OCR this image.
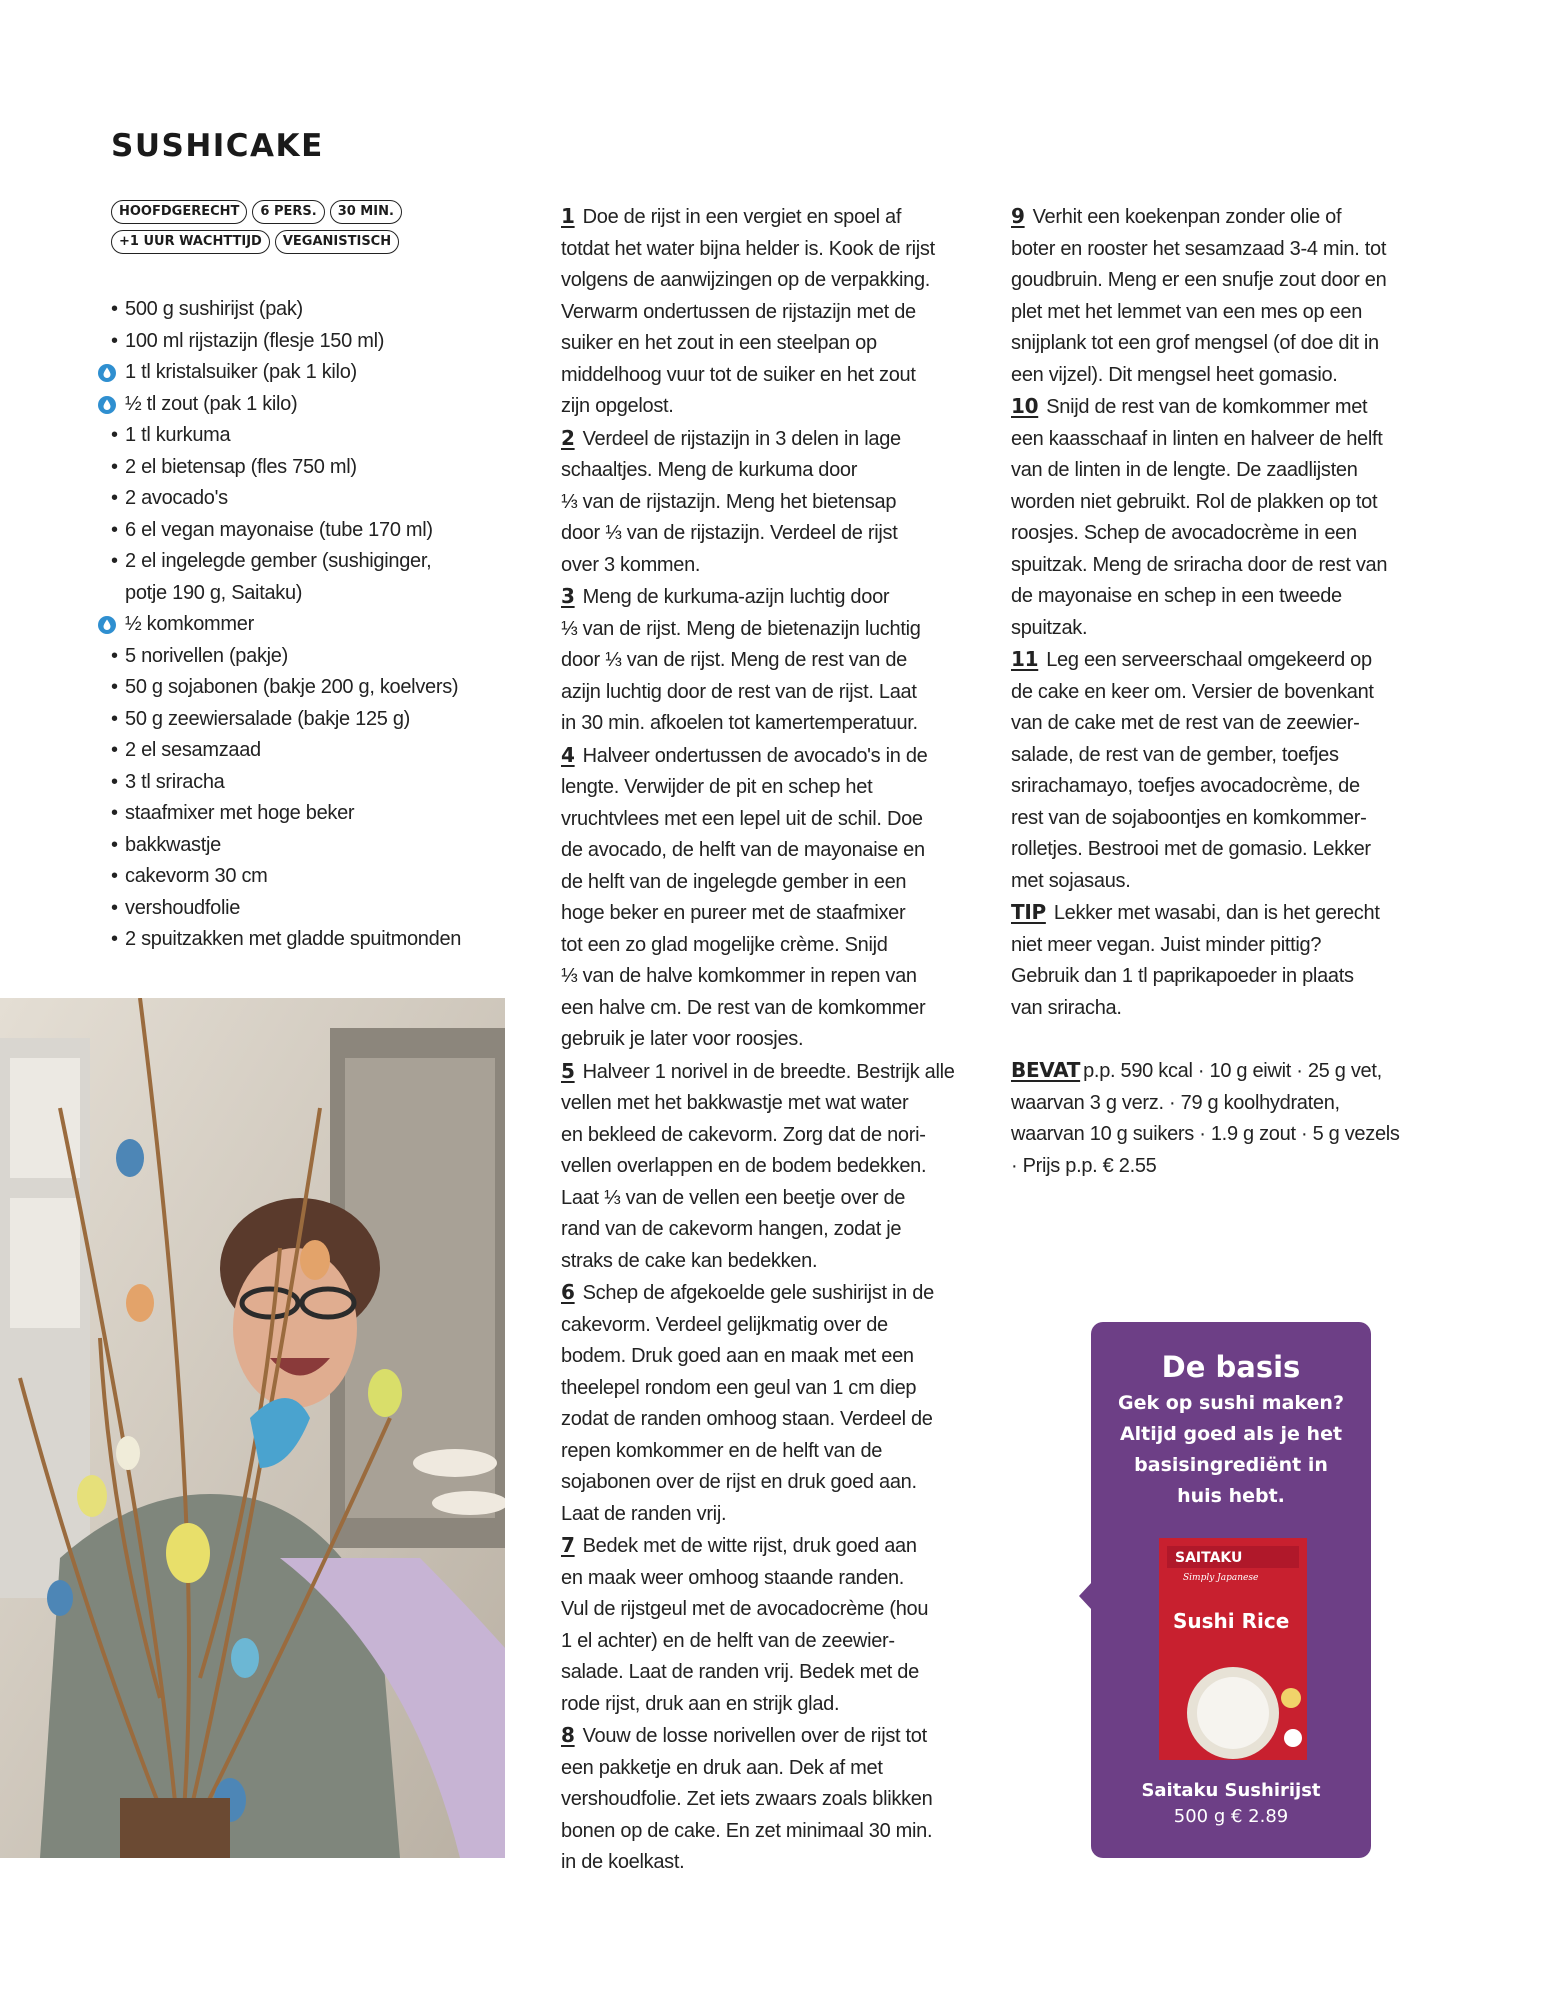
SUSHICAKE
HOOFDGERECHT	6 PERS.	30 MIN.
+1 UUR WACHTTIJD	VEGANISTISCH
• 500 g sushirijst (pak)
• 100 ml rijstazijn (flesje 150 ml)
1 tl kristalsuiker (pak 1 kilo)
½ tl zout (pak 1 kilo)
• 1 tl kurkuma
• 2 el bietensap (fles 750 ml)
• 2 avocado's
• 6 el vegan mayonaise (tube 170 ml)
• 2 el ingelegde gember (sushiginger,
potje 190 g, Saitaku)
½ komkommer
• 5 norivellen (pakje)
• 50 g sojabonen (bakje 200 g, koelvers)
• 50 g zeewiersalade (bakje 125 g)
• 2 el sesamzaad
• 3 tl sriracha
• staafmixer met hoge beker
• bakkwastje
• cakevorm 30 cm
• vershoudfolie
• 2 spuitzakken met gladde spuitmonden

1 Doe de rijst in een vergiet en spoel af

totdat het water bijna helder is. Kook de rijst

volgens de aanwijzingen op de verpakking.

Verwarm ondertussen de rijstazijn met de

suiker en het zout in een steelpan op

middelhoog vuur tot de suiker en het zout

zijn opgelost.

2 Verdeel de rijstazijn in 3 delen in lage

schaaltjes. Meng de kurkuma door

⅓ van de rijstazijn. Meng het bietensap

door ⅓ van de rijstazijn. Verdeel de rijst

over 3 kommen.

3 Meng de kurkuma-azijn luchtig door

⅓ van de rijst. Meng de bietenazijn luchtig

door ⅓ van de rijst. Meng de rest van de

azijn luchtig door de rest van de rijst. Laat

in 30 min. afkoelen tot kamertemperatuur.

4 Halveer ondertussen de avocado's in de

lengte. Verwijder de pit en schep het

vruchtvlees met een lepel uit de schil. Doe

de avocado, de helft van de mayonaise en

de helft van de ingelegde gember in een

hoge beker en pureer met de staafmixer

tot een zo glad mogelijke crème. Snijd

⅓ van de halve komkommer in repen van

een halve cm. De rest van de komkommer

gebruik je later voor roosjes.

5 Halveer 1 norivel in de breedte. Bestrijk alle

vellen met het bakkwastje met wat water

en bekleed de cakevorm. Zorg dat de nori-

vellen overlappen en de bodem bedekken.

Laat ⅓ van de vellen een beetje over de

rand van de cakevorm hangen, zodat je

straks de cake kan bedekken.

6 Schep de afgekoelde gele sushirijst in de

cakevorm. Verdeel gelijkmatig over de

bodem. Druk goed aan en maak met een

theelepel rondom een geul van 1 cm diep

zodat de randen omhoog staan. Verdeel de

repen komkommer en de helft van de

sojabonen over de rijst en druk goed aan.

Laat de randen vrij.

7 Bedek met de witte rijst, druk goed aan

en maak weer omhoog staande randen.

Vul de rijstgeul met de avocadocrème (hou

1 el achter) en de helft van de zeewier-

salade. Laat de randen vrij. Bedek met de

rode rijst, druk aan en strijk glad.

8 Vouw de losse norivellen over de rijst tot

een pakketje en druk aan. Dek af met

vershoudfolie. Zet iets zwaars zoals blikken

bonen op de cake. En zet minimaal 30 min.

in de koelkast.

9 Verhit een koekenpan zonder olie of

boter en rooster het sesamzaad 3-4 min. tot

goudbruin. Meng er een snufje zout door en

plet met het lemmet van een mes op een

snijplank tot een grof mengsel (of doe dit in

een vijzel). Dit mengsel heet gomasio.

10 Snijd de rest van de komkommer met

een kaasschaaf in linten en halveer de helft

van de linten in de lengte. De zaadlijsten

worden niet gebruikt. Rol de plakken op tot

roosjes. Schep de avocadocrème in een

spuitzak. Meng de sriracha door de rest van

de mayonaise en schep in een tweede

spuitzak.

11 Leg een serveerschaal omgekeerd op

de cake en keer om. Versier de bovenkant

van de cake met de rest van de zeewier-

salade, de rest van de gember, toefjes

srirachamayo, toefjes avocadocrème, de

rest van de sojaboontjes en komkommer-

rolletjes. Bestrooi met de gomasio. Lekker

met sojasaus.

TIP Lekker met wasabi, dan is het gerecht

niet meer vegan. Juist minder pittig?

Gebruik dan 1 tl paprikapoeder in plaats

van sriracha.

BEVAT p.p. 590 kcal · 10 g eiwit · 25 g vet,

waarvan 3 g verz. · 79 g koolhydraten,

waarvan 10 g suikers · 1.9 g zout · 5 g vezels

· Prijs p.p. € 2.55

De basis
Gek op sushi maken?
Altijd goed als je het
basisingrediënt in
huis hebt.
SAITAKU
Simply Japanese
Sushi Rice
Saitaku Sushirijst
500 g € 2.89
